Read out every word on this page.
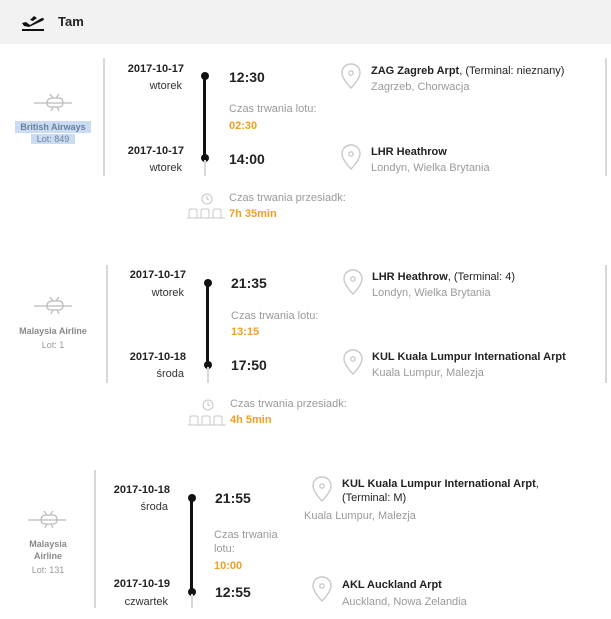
Tam
British Airways
Lot: 849
2017-10-17
wtorek
2017-10-17
wtorek
12:30
Czas trwania lotu:
02:30
14:00
ZAG Zagreb Arpt, (Terminal: nieznany)
Zagrzeb, Chorwacja
LHR Heathrow
Londyn, Wielka Brytania
Czas trwania przesiadk:
7h 35min
Malaysia Airline
Lot: 1
2017-10-17
wtorek
2017-10-18
środa
21:35
Czas trwania lotu:
13:15
17:50
LHR Heathrow, (Terminal: 4)
Londyn, Wielka Brytania
KUL Kuala Lumpur International Arpt
Kuala Lumpur, Malezja
Czas trwania przesiadk:
4h 5min
Malaysia
Airline
Lot: 131
2017-10-18
środa
2017-10-19
czwartek
21:55
Czas trwania
lotu:
10:00
12:55
KUL Kuala Lumpur International Arpt,
(Terminal: M)
Kuala Lumpur, Malezja
AKL Auckland Arpt
Auckland, Nowa Zelandia
